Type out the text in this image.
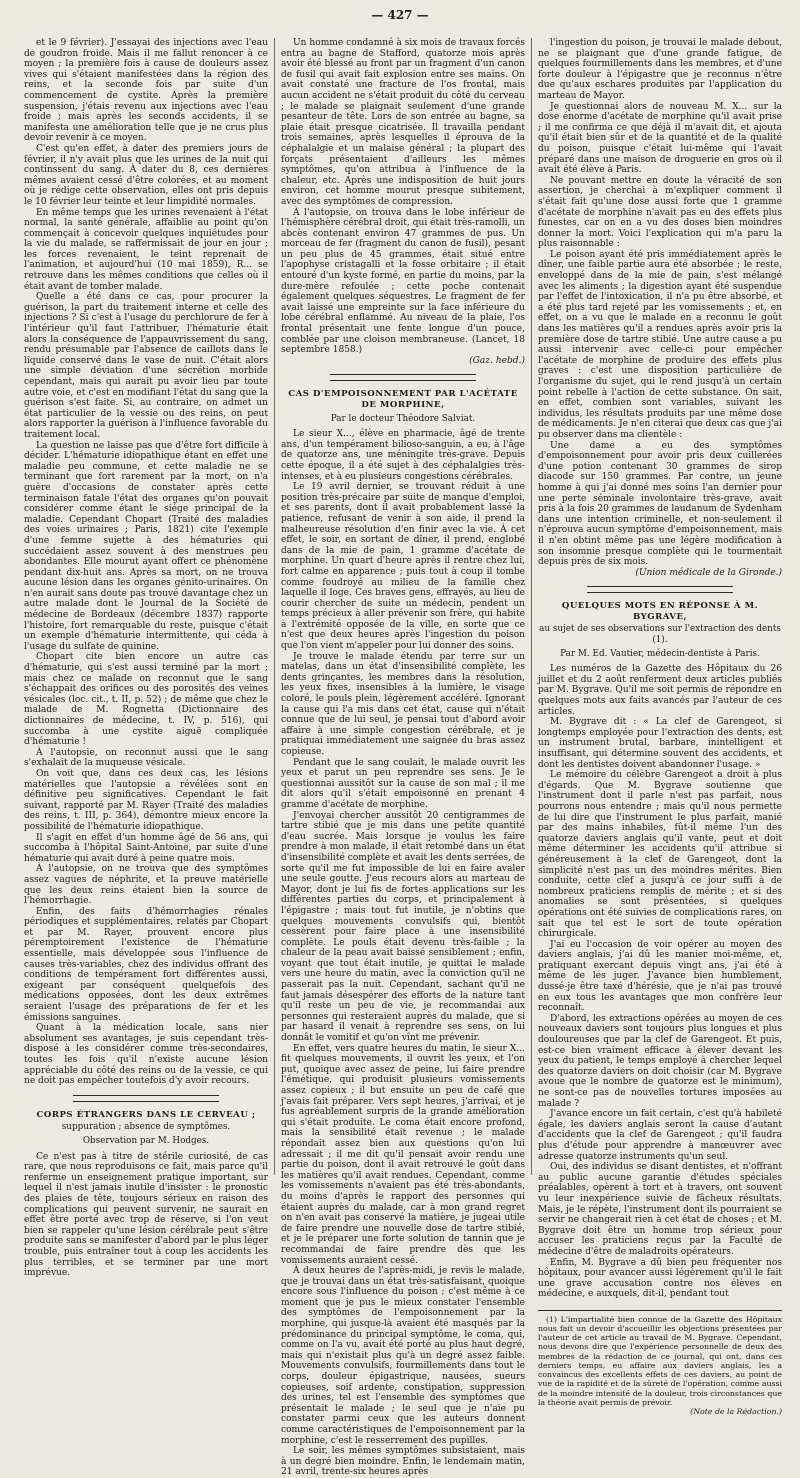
— 427 —

et le 9 février). J'essayai des injections avec l'eau de goudron froide. Mais il me fallut renoncer à ce moyen ; la première fois à cause de douleurs assez vives qui s'étaient manifestées dans la région des reins, et la seconde fois par suite d'un commencement de cystite. Après la première suspension, j'étais revenu aux injections avec l'eau froide ; mais après les seconds accidents, il se manifesta une amélioration telle que je ne crus plus devoir revenir à ce moyen.

C'est qu'en effet, à dater des premiers jours de février, il n'y avait plus que les urines de la nuit qui continssent du sang. À dater du 8, ces dernières mêmes avaient cessé d'être colorées, et au moment où je rédige cette observation, elles ont pris depuis le 10 février leur teinte et leur limpidité normales.

En même temps que les urines revenaient à l'état normal, la santé générale, affaiblie au point qu'on commençait à concevoir quelques inquiétudes pour la vie du malade, se raffermissait de jour en jour ; les forces revenaient, le teint reprenait de l'animation, et aujourd'hui (10 mai 1859), R... se retrouve dans les mêmes conditions que celles où il était avant de tomber malade.

Quelle a été dans ce cas, pour procurer la guérison, la part du traitement interne et celle des injections ? Si c'est à l'usage du perchlorure de fer à l'intérieur qu'il faut l'attribuer, l'hématurie était alors la conséquence de l'appauvrissement du sang, rendu présumable par l'absence de caillots dans le liquide conservé dans le vase de nuit. C'était alors une simple déviation d'une sécrétion morbide cependant, mais qui aurait pu avoir lieu par toute autre voie, et c'est en modifiant l'état du sang que la guérison s'est faite. Si, au contraire, on admet un état particulier de la vessie ou des reins, on peut alors rapporter la guérison à l'influence favorable du traitement local.

La question ne laisse pas que d'être fort difficile à décider. L'hématurie idiopathique étant en effet une maladie peu commune, et cette maladie ne se terminant que fort rarement par la mort, on n'a guère d'occasions de constater après cette terminaison fatale l'état des organes qu'on pouvait considérer comme étant le siége principal de la maladie. Cependant Chopart (Traité des maladies des voies urinaires ; Paris, 1821) cite l'exemple d'une femme sujette à des hématuries qui succédaient assez souvent à des menstrues peu abondantes. Elle mourut ayant offert ce phénomène pendant dix-huit ans. Après sa mort, on ne trouva aucune lésion dans les organes génito-urinaires. On n'en aurait sans doute pas trouvé davantage chez un autre malade dont le Journal de la Société de médecine de Bordeaux (décembre 1837) rapporte l'histoire, fort remarquable du reste, puisque c'était un exemple d'hématurie intermittente, qui céda à l'usage du sulfate de quinine.

Chopart cite bien encore un autre cas d'hématurie, qui s'est aussi terminé par la mort ; mais chez ce malade on reconnut que le sang s'échappait des orifices ou des porosités des veines vésicales (loc. cit., t. II, p. 52) ; de même que chez le malade de M. Rognetta (Dictionnaire des dictionnaires de médecine, t. IV, p. 516), qui succomba à une cystite aiguë compliquée d'hématurie !

À l'autopsie, on reconnut aussi que le sang s'exhalait de la muqueuse vésicale.

On voit que, dans ces deux cas, les lésions matérielles que l'autopsie a révélées sont en définitive peu significatives. Cependant le fait suivant, rapporté par M. Rayer (Traité des maladies des reins, t. III, p. 364), démontre mieux encore la possibilité de l'hématurie idiopathique.

Il s'agit en effet d'un homme âgé de 56 ans, qui succomba à l'hôpital Saint-Antoine, par suite d'une hématurie qui avait duré à peine quatre mois.

À l'autopsie, on ne trouva que des symptômes assez vagues de néphrite, et la preuve matérielle que les deux reins étaient bien la source de l'hémorrhagie.

Enfin, des faits d'hémorrhagies rénales périodiques et supplémentaires, relatés par Chopart et par M. Rayer, prouvent encore plus péremptoirement l'existence de l'hématurie essentielle, mais développée sous l'influence de causes très-variables, chez des individus offrant des conditions de tempérament fort différentes aussi, exigeant par conséquent quelquefois des médications opposées, dont les deux extrêmes seraient l'usage des préparations de fer et les émissions sanguines.

Quant à la médication locale, sans nier absolument ses avantages, je suis cependant très-disposé à les considérer comme très-secondaires, toutes les fois qu'il n'existe aucune lésion appréciable du côté des reins ou de la vessie, ce qui ne doit pas empêcher toutefois d'y avoir recours.

CORPS ÉTRANGERS DANS LE CERVEAU ;

suppuration ; absence de symptômes.

Observation par M. Hodges.

Ce n'est pas à titre de stérile curiosité, de cas rare, que nous reproduisons ce fait, mais parce qu'il renferme un enseignement pratique important, sur lequel il n'est jamais inutile d'insister : le pronostic des plaies de tête, toujours sérieux en raison des complications qui peuvent survenir, ne saurait en effet être porté avec trop de réserve, si l'on veut bien se rappeler qu'une lésion cérébrale peut s'être produite sans se manifester d'abord par le plus léger trouble, puis entraîner tout à coup les accidents les plus terribles, et se terminer par une mort imprévue.

Un homme condamné à six mois de travaux forcés entra au bagne de Stafford, quatorze mois après avoir été blessé au front par un fragment d'un canon de fusil qui avait fait explosion entre ses mains. On avait constaté une fracture de l'os frontal, mais aucun accident ne s'était produit du côté du cerveau ; le malade se plaignait seulement d'une grande pesanteur de tête. Lors de son entrée au bagne, sa plaie était presque cicatrisée. Il travailla pendant trois semaines, après lesquelles il éprouva de la céphalalgie et un malaise général ; la plupart des forçats présentaient d'ailleurs les mêmes symptômes, qu'on attribua à l'influence de la chaleur, etc. Après une indisposition de huit jours environ, cet homme mourut presque subitement, avec des symptômes de compression.

À l'autopsie, on trouva dans le lobe inférieur de l'hémisphère cérébral droit, qui était très-ramolli, un abcès contenant environ 47 grammes de pus. Un morceau de fer (fragment du canon de fusil), pesant un peu plus de 45 grammes, était situé entre l'apophyse cristagalli et la fosse orbitaire ; il était entouré d'un kyste formé, en partie du moins, par la dure-mère refoulée ; cette poche contenait également quelques séquestres. Le fragment de fer avait laissé une empreinte sur la face inférieure du lobe cérébral enflammé. Au niveau de la plaie, l'os frontal présentait une fente longue d'un pouce, comblée par une cloison membraneuse. (Lancet, 18 septembre 1858.)

(Gaz. hebd.)

CAS D'EMPOISONNEMENT PAR L'ACÉTATE DE MORPHINE,

Par le docteur Théodore Salviat.

Le sieur X..., élève en pharmacie, âgé de trente ans, d'un tempérament bilioso-sanguin, a eu, à l'âge de quatorze ans, une méningite très-grave. Depuis cette époque, il a été sujet à des céphalalgies très-intenses, et à eu plusieurs congestions cérébrales.

Le 19 avril dernier, se trouvant réduit à une position très-précaire par suite de manque d'emploi, et ses parents, dont il avait probablement lassé la patience, refusant de venir à son aide, il prend la malheureuse résolution d'en finir avec la vie. À cet effet, le soir, en sortant de dîner, il prend, englobé dans de la mie de pain, 1 gramme d'acétate de morphine. Un quart d'heure après il rentre chez lui, fort calme en apparence ; puis tout à coup il tombe comme foudroyé au milieu de la famille chez laquelle il loge. Ces braves gens, effrayés, au lieu de courir chercher de suite un médecin, pendent un temps précieux à aller prévenir son frère, qui habite à l'extrémité opposée de la ville, en sorte que ce n'est que deux heures après l'ingestion du poison que l'on vient m'appeler pour lui donner des soins.

Je trouve le malade étendu par terre sur un matelas, dans un état d'insensibilité complète, les dents grinçantes, les membres dans la résolution, les yeux fixes, insensibles à la lumière, le visage coloré, le pouls plein, légèrement accéléré. Ignorant la cause qui l'a mis dans cet état, cause qui n'était connue que de lui seul, je pensai tout d'abord avoir affaire à une simple congestion cérébrale, et je pratiquai immédiatement une saignée du bras assez copieuse.

Pendant que le sang coulait, le malade ouvrit les yeux et parut un peu reprendre ses sens. Je le questionnai aussitôt sur la cause de son mal ; il me dit alors qu'il s'était empoisonné en prenant 4 gramme d'acétate de morphine.

J'envoyai chercher aussitôt 20 centigrammes de tartre stibié que je mis dans une petite quantité d'eau sucrée. Mais lorsque je voulus les faire prendre à mon malade, il était retombé dans un état d'insensibilité complète et avait les dents serrées, de sorte qu'il me fut impossible de lui en faire avaler une seule goutte. J'eus recours alors au marteau de Mayor, dont je lui fis de fortes applications sur les différentes parties du corps, et principalement à l'épigastre ; mais tout fut inutile, je n'obtins que quelques mouvements convulsifs qui, bientôt cessèrent pour faire place à une insensibilité complète. Le pouls était devenu très-faible ; la chaleur de la peau avait baissé sensiblement ; enfin, voyant que tout était inutile, je quittai le malade vers une heure du matin, avec la conviction qu'il ne passerait pas la nuit. Cependant, sachant qu'il ne faut jamais désespérer des efforts de la nature tant qu'il reste un peu de vie, je recommandai aux personnes qui resteraient auprès du malade, que si par hasard il venait à reprendre ses sens, on lui donnât le vomitif et qu'on vînt me prévenir.

En effet, vers quatre heures du matin, le sieur X... fit quelques mouvements, il ouvrit les yeux, et l'on put, quoique avec assez de peine, lui faire prendre l'émétique, qui produisit plusieurs vomissements assez copieux ; il but ensuite un peu de café que j'avais fait préparer. Vers sept heures, j'arrivai, et je fus agréablement surpris de la grande amélioration qui s'était produite. Le coma était encore profond, mais la sensibilité était revenue ; le malade répondait assez bien aux questions qu'on lui adressait ; il me dit qu'il pensait avoir rendu une partie du poison, dont il avait retrouvé le goût dans les matières qu'il avait rendues. Cependant, comme les vomissements n'avaient pas été très-abondants, du moins d'après le rapport des personnes qui étaient auprès du malade, car à mon grand regret on n'en avait pas conservé la matière, je jugeai utile de faire prendre une nouvelle dose de tartre stibié, et je le préparer une forte solution de tannin que je recommandai de faire prendre dès que les vomissements auraient cessé.

À deux heures de l'après-midi, je revis le malade, que je trouvai dans un état très-satisfaisant, quoique encore sous l'influence du poison ; c'est même à ce moment que je pus le mieux constater l'ensemble des symptômes de l'empoisonnement par la morphine, qui jusque-là avaient été masqués par la prédominance du principal symptôme, le coma, qui, comme on l'a vu, avait été porté au plus haut degré, mais qui n'existait plus qu'à un degré assez faible. Mouvements convulsifs, fourmillements dans tout le corps, douleur épigastrique, nausées, sueurs copieuses, soif ardente, constipation, suppression des urines, tel est l'ensemble des symptômes que présentait le malade ; le seul que je n'aie pu constater parmi ceux que les auteurs donnent comme caractéristiques de l'empoisonnement par la morphine, c'est le resserrement des pupilles.

Le soir, les mêmes symptômes subsistaient, mais à un degré bien moindre. Enfin, le lendemain matin, 21 avril, trente-six heures après

l'ingestion du poison, je trouvai le malade debout, ne se plaignant que d'une grande fatigue, de quelques fourmillements dans les membres, et d'une forte douleur à l'épigastre que je reconnus n'être due qu'aux eschares produites par l'application du marteau de Mayor.

Je questionnai alors de nouveau M. X... sur la dose énorme d'acétate de morphine qu'il avait prise ; il me confirma ce que déjà il m'avait dit, et ajouta qu'il était bien sûr et de la quantité et de la qualité du poison, puisque c'était lui-même qui l'avait préparé dans une maison de droguerie en gros où il avait été élève à Paris.

Ne pouvant mettre en doute la véracité de son assertion, je cherchai à m'expliquer comment il s'était fait qu'une dose aussi forte que 1 gramme d'acétate de morphine n'avait pas eu des effets plus funestes, car on en a vu des doses bien moindres donner la mort. Voici l'explication qui m'a paru la plus raisonnable :

Le poison ayant été pris immédiatement après le dîner, une faible partie aura été absorbée ; le reste, enveloppé dans de la mie de pain, s'est mélangé avec les aliments ; la digestion ayant été suspendue par l'effet de l'intoxication, il n'a pu être absorbé, et a été plus tard rejeté par les vomissements ; et, en effet, on a vu que le malade en a reconnu le goût dans les matières qu'il a rendues après avoir pris la première dose de tartre stibié. Une autre cause a pu aussi intervenir avec celle-ci pour empêcher l'acétate de morphine de produire des effets plus graves : c'est une disposition particulière de l'organisme du sujet, qui le rend jusqu'à un certain point rebelle à l'action de cette substance. On sait, en effet, combien sont variables, suivant les individus, les résultats produits par une même dose de médicaments. Je n'en citerai que deux cas que j'ai pu observer dans ma clientèle :

Une dame a eu des symptômes d'empoisonnement pour avoir pris deux cuillerées d'une potion contenant 30 grammes de sirop diacode sur 150 grammes. Par contre, un jeune homme à qui j'ai donné mes soins l'an dernier pour une perte séminale involontaire très-grave, avait pris à la fois 20 grammes de laudanum de Sydenham dans une intention criminelle, et non-seulement il n'éprouva aucun symptôme d'empoisonnement, mais il n'en obtint même pas une légère modification à son insomnie presque complète qui le tourmentait depuis près de six mois.

(Union médicale de la Gironde.)

QUELQUES MOTS EN RÉPONSE À M. BYGRAVE,

au sujet de ses observations sur l'extraction des dents (1).

Par M. Ed. Vautier, médecin-dentiste à Paris.

Les numéros de la Gazette des Hôpitaux du 26 juillet et du 2 août renferment deux articles publiés par M. Bygrave. Qu'il me soit permis de répondre en quelques mots aux faits avancés par l'auteur de ces articles.

M. Bygrave dit : « La clef de Garengeot, si longtemps employée pour l'extraction des dents, est un instrument brutal, barbare, inintelligent et insuffisant, qui détermine souvent des accidents, et dont les dentistes doivent abandonner l'usage. »

Le mémoire du célèbre Garengeot a droit à plus d'égards. Que M. Bygrave soutienne que l'instrument dont il parle n'est pas parfait, nous pourrons nous entendre ; mais qu'il nous permette de lui dire que l'instrument le plus parfait, manié par des mains inhabiles, fût-il même l'un des quatorze daviers anglais qu'il vante, peut et doit même déterminer les accidents qu'il attribue si généreusement à la clef de Garengeot, dont la simplicité n'est pas un des moindres mérites. Bien conduite, cette clef a jusqu'à ce jour suffi à de nombreux praticiens remplis de mérite ; et si des anomalies se sont présentées, si quelques opérations ont été suivies de complications rares, on sait que tel est le sort de toute opération chirurgicale.

J'ai eu l'occasion de voir opérer au moyen des daviers anglais, j'ai dû les manier moi-même, et, pratiquant exercant depuis vingt ans, j'ai été à même de les juger. J'avance bien humblement, dussé-je être taxé d'hérésie, que je n'ai pas trouvé en eux tous les avantages que mon confrère leur reconnaît.

D'abord, les extractions opérées au moyen de ces nouveaux daviers sont toujours plus longues et plus douloureuses que par la clef de Garengeot. Et puis, est-ce bien vraiment efficace à élever devant les yeux du patient, le temps employé à chercher lequel des quatorze daviers on doit choisir (car M. Bygrave avoue que le nombre de quatorze est le minimum), ne sont-ce pas de nouvelles tortures imposées au malade ?

J'avance encore un fait certain, c'est qu'à habileté égale, les daviers anglais seront la cause d'autant d'accidents que la clef de Garengeot ; qu'il faudra plus d'étude pour apprendre à manœuvrer avec adresse quatorze instruments qu'un seul.

Oui, des individus se disant dentistes, et n'offrant au public aucune garantie d'études spéciales préalables, opèrent à tort et à travers, ont souvent vu leur inexpérience suivie de fâcheux résultats. Mais, je le répète, l'instrument dont ils pourraient se servir ne changerait rien à cet état de choses ; et M. Bygrave doit être un homme trop sérieux pour accuser les praticiens reçus par la Faculté de médecine d'être de maladroits opérateurs.

Enfin, M. Bygrave a dû bien peu fréquenter nos hôpitaux, pour avancer aussi légèrement qu'il le fait une grave accusation contre nos élèves en médecine, e auxquels, dit-il, pendant tout

(1) L'impartialité bien connue de la Gazette des Hôpitaux nous fait un devoir d'accueillir les objections présentées par l'auteur de cet article au travail de M. Bygrave. Cependant, nous devons dire que l'expérience personnelle de deux des membres de la rédaction de ce journal, qui ont, dans ces derniers temps, eu affaire aux daviers anglais, les a convaincus des excellents effets de ces daviers, au point de vue de la rapidité et de la sûreté de l'opération, comme aussi de la moindre intensité de la douleur, trois circonstances que la théorie avait permis de prévoir.

(Note de la Rédaction.)
